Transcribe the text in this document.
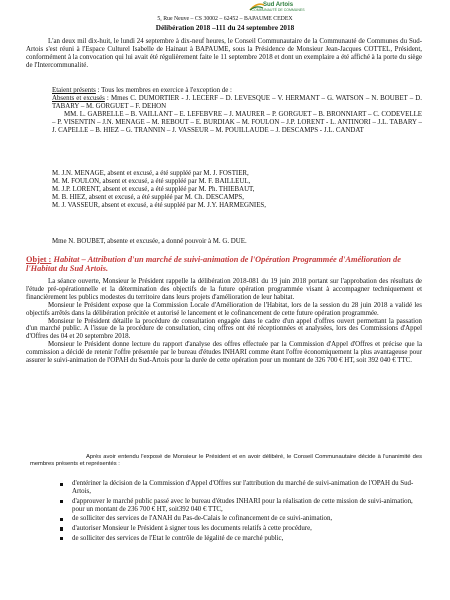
Sud Artois
COMMUNAUTÉ DE COMMUNES
5, Rue Neuve – CS 30002 – 62452 – BAPAUME CEDEX
Délibération 2018 –111 du 24 septembre 2018
L'an deux mil dix-huit, le lundi 24 septembre à dix-neuf heures, le Conseil Communautaire de la Communauté de Communes du Sud-Artois s'est réuni à l'Espace Culturel Isabelle de Hainaut à BAPAUME, sous la Présidence de Monsieur Jean-Jacques COTTEL, Président, conformément à la convocation qui lui avait été régulièrement faite le 11 septembre 2018 et dont un exemplaire a été affiché à la porte du siège de l'Intercommunalité.
Etaient présents : Tous les membres en exercice à l'exception de :
Absents et excusés : Mmes C. DUMORTIER - J. LECERF – D. LEVESQUE – V. HERMANT – G. WATSON – N. BOUBET – D. TABARY – M. GORGUET – F. DEHON
MM. L. GABRELLE – B. VAILLANT – E. LEFEBVRE – J. MAURER – P. GORGUET – B. BRONNIART – C. CODEVELLE – P. VISENTIN – J.N. MENAGE – M. REBOUT – E. BURDIAK – M. FOULON – J.P. LORENT - L. ANTINORI – J.L. TABARY – J. CAPELLE – B. HIEZ – G. TRANNIN – J. VASSEUR – M. POUILLAUDE – J. DESCAMPS - J.L. CANDAT
M. J.N. MENAGE, absent et excusé, a été suppléé par M. J. FOSTIER,
M. M. FOULON, absent et excusé, a été suppléé par M. F. BAILLEUL,
M. J.P. LORENT, absent et excusé, a été suppléé par M. Ph. THIEBAUT,
M. B. HIEZ, absent et excusé, a été suppléé par M. Ch. DESCAMPS,
M. J. VASSEUR, absent et excusé, a été suppléé par M. J.Y. HARMEGNIES,
Mme N. BOUBET, absente et excusée, a donné pouvoir à M. G. DUE.
Objet : Habitat – Attribution d'un marché de suivi-animation de l'Opération Programmée d'Amélioration de l'Habitat du Sud Artois.
La séance ouverte, Monsieur le Président rappelle la délibération 2018-081 du 19 juin 2018 portant sur l'approbation des résultats de l'étude pré-opérationnelle et la détermination des objectifs de la future opération programmée visant à accompagner techniquement et financièrement les publics modestes du territoire dans leurs projets d'amélioration de leur habitat.
Monsieur le Président expose que la Commission Locale d'Amélioration de l'Habitat, lors de la session du 28 juin 2018 a validé les objectifs arrêtés dans la délibération précitée et autorisé le lancement et le cofinancement de cette future opération programmée.
Monsieur le Président détaille la procédure de consultation engagée dans le cadre d'un appel d'offres ouvert permettant la passation d'un marché public. A l'issue de la procédure de consultation, cinq offres ont été réceptionnées et analysées, lors des Commissions d'Appel d'Offres des 04 et 20 septembre 2018.
Monsieur le Président donne lecture du rapport d'analyse des offres effectuée par la Commission d'Appel d'Offres et précise que la commission a décidé de retenir l'offre présentée par le bureau d'études INHARI comme étant l'offre économiquement la plus avantageuse pour assurer le suivi-animation de l'OPAH du Sud-Artois pour la durée de cette opération pour un montant de 326 700 € HT, soit 392 040 € TTC.
Après avoir entendu l'exposé de Monsieur le Président et en avoir délibéré, le Conseil Communautaire décide à l'unanimité des membres présents et représentés :
d'entériner la décision de la Commission d'Appel d'Offres sur l'attribution du marché de suivi-animation de l'OPAH du Sud-Artois,
d'approuver le marché public passé avec le bureau d'études INHARI pour la réalisation de cette mission de suivi-animation, pour un montant de 236 700 € HT, soit392 040 € TTC,
de solliciter des services de l'ANAH du Pas-de-Calais le cofinancement de ce suivi-animation,
d'autoriser Monsieur le Président à signer tous les documents relatifs à cette procédure,
de solliciter des services de l'Etat le contrôle de légalité de ce marché public,
